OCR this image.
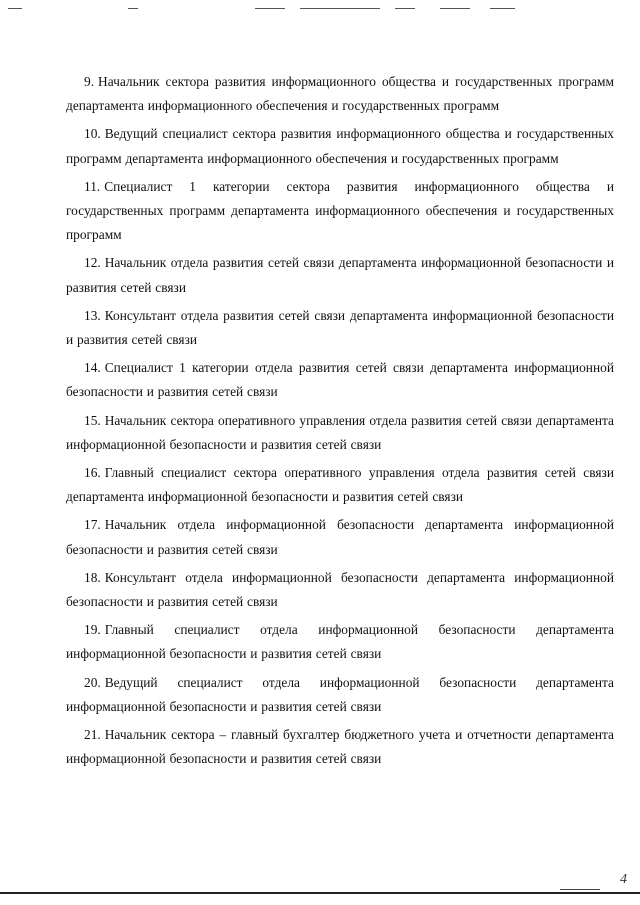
9. Начальник сектора развития информационного общества и государственных программ департамента информационного обеспечения и государственных программ
10. Ведущий специалист сектора развития информационного общества и государственных программ департамента информационного обеспечения и государственных программ
11. Специалист 1 категории сектора развития информационного общества и государственных программ департамента информационного обеспечения и государственных программ
12. Начальник отдела развития сетей связи департамента информационной безопасности и развития сетей связи
13. Консультант отдела развития сетей связи департамента информационной безопасности и развития сетей связи
14. Специалист 1 категории отдела развития сетей связи департамента информационной безопасности и развития сетей связи
15. Начальник сектора оперативного управления отдела развития сетей связи департамента информационной безопасности и развития сетей связи
16. Главный специалист сектора оперативного управления отдела развития сетей связи департамента информационной безопасности и развития сетей связи
17. Начальник отдела информационной безопасности департамента информационной безопасности и развития сетей связи
18. Консультант отдела информационной безопасности департамента информационной безопасности и развития сетей связи
19. Главный специалист отдела информационной безопасности департамента информационной безопасности и развития сетей связи
20. Ведущий специалист отдела информационной безопасности департамента информационной безопасности и развития сетей связи
21. Начальник сектора – главный бухгалтер бюджетного учета и отчетности департамента информационной безопасности и развития сетей связи
4
